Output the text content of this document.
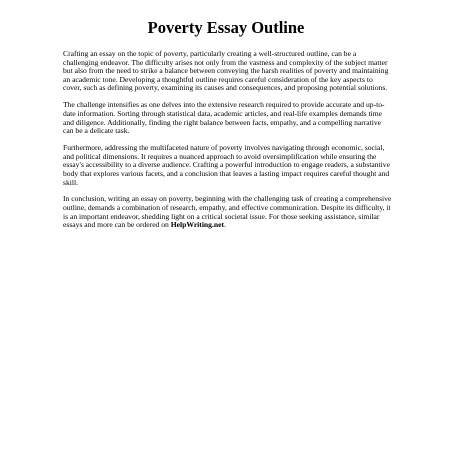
Poverty Essay Outline

Crafting an essay on the topic of poverty, particularly creating a well-structured outline, can be a challenging endeavor. The difficulty arises not only from the vastness and complexity of the subject matter but also from the need to strike a balance between conveying the harsh realities of poverty and maintaining an academic tone. Developing a thoughtful outline requires careful consideration of the key aspects to cover, such as defining poverty, examining its causes and consequences, and proposing potential solutions.

The challenge intensifies as one delves into the extensive research required to provide accurate and up-to-date information. Sorting through statistical data, academic articles, and real-life examples demands time and diligence. Additionally, finding the right balance between facts, empathy, and a compelling narrative can be a delicate task.

Furthermore, addressing the multifaceted nature of poverty involves navigating through economic, social, and political dimensions. It requires a nuanced approach to avoid oversimplification while ensuring the essay's accessibility to a diverse audience. Crafting a powerful introduction to engage readers, a substantive body that explores various facets, and a conclusion that leaves a lasting impact requires careful thought and skill.

In conclusion, writing an essay on poverty, beginning with the challenging task of creating a comprehensive outline, demands a combination of research, empathy, and effective communication. Despite its difficulty, it is an important endeavor, shedding light on a critical societal issue. For those seeking assistance, similar essays and more can be ordered on HelpWriting.net.
